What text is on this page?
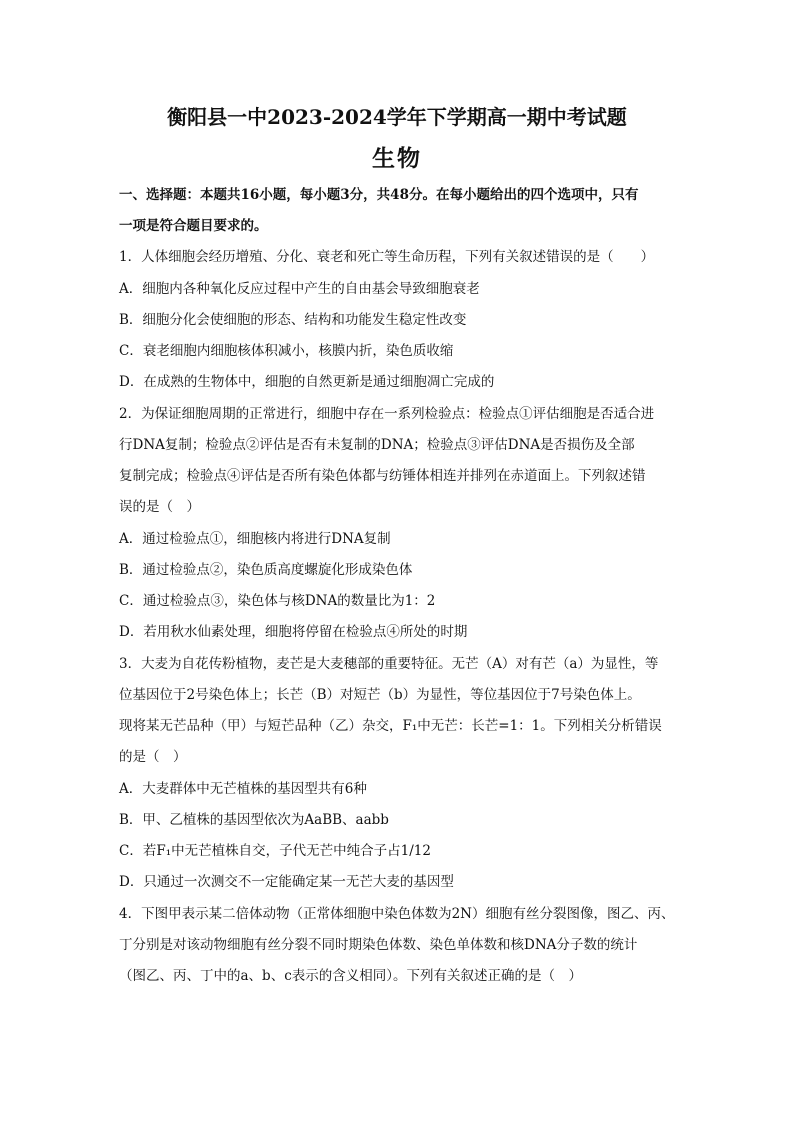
衡阳县一中2023-2024学年下学期高一期中考试题
生物
一、选择题：本题共16小题，每小题3分，共48分。在每小题给出的四个选项中，只有
一项是符合题目要求的。
1．人体细胞会经历增殖、分化、衰老和死亡等生命历程，下列有关叙述错误的是（　　）
A．细胞内各种氧化反应过程中产生的自由基会导致细胞衰老
B．细胞分化会使细胞的形态、结构和功能发生稳定性改变
C．衰老细胞内细胞核体积减小，核膜内折，染色质收缩
D．在成熟的生物体中，细胞的自然更新是通过细胞凋亡完成的
2．为保证细胞周期的正常进行，细胞中存在一系列检验点：检验点①评估细胞是否适合进
行DNA复制；检验点②评估是否有未复制的DNA；检验点③评估DNA是否损伤及全部
复制完成；检验点④评估是否所有染色体都与纺锤体相连并排列在赤道面上。下列叙述错
误的是（　）
A．通过检验点①，细胞核内将进行DNA复制
B．通过检验点②，染色质高度螺旋化形成染色体
C．通过检验点③，染色体与核DNA的数量比为1：2
D．若用秋水仙素处理，细胞将停留在检验点④所处的时期
3．大麦为自花传粉植物，麦芒是大麦穗部的重要特征。无芒（A）对有芒（a）为显性，等
位基因位于2号染色体上；长芒（B）对短芒（b）为显性，等位基因位于7号染色体上。
现将某无芒品种（甲）与短芒品种（乙）杂交，F₁中无芒：长芒=1：1。下列相关分析错误
的是（　）
A．大麦群体中无芒植株的基因型共有6种
B．甲、乙植株的基因型依次为AaBB、aabb
C．若F₁中无芒植株自交，子代无芒中纯合子占1/12
D．只通过一次测交不一定能确定某一无芒大麦的基因型
4．下图甲表示某二倍体动物（正常体细胞中染色体数为2N）细胞有丝分裂图像，图乙、丙、
丁分别是对该动物细胞有丝分裂不同时期染色体数、染色单体数和核DNA分子数的统计
（图乙、丙、丁中的a、b、c表示的含义相同）。下列有关叙述正确的是（　）
